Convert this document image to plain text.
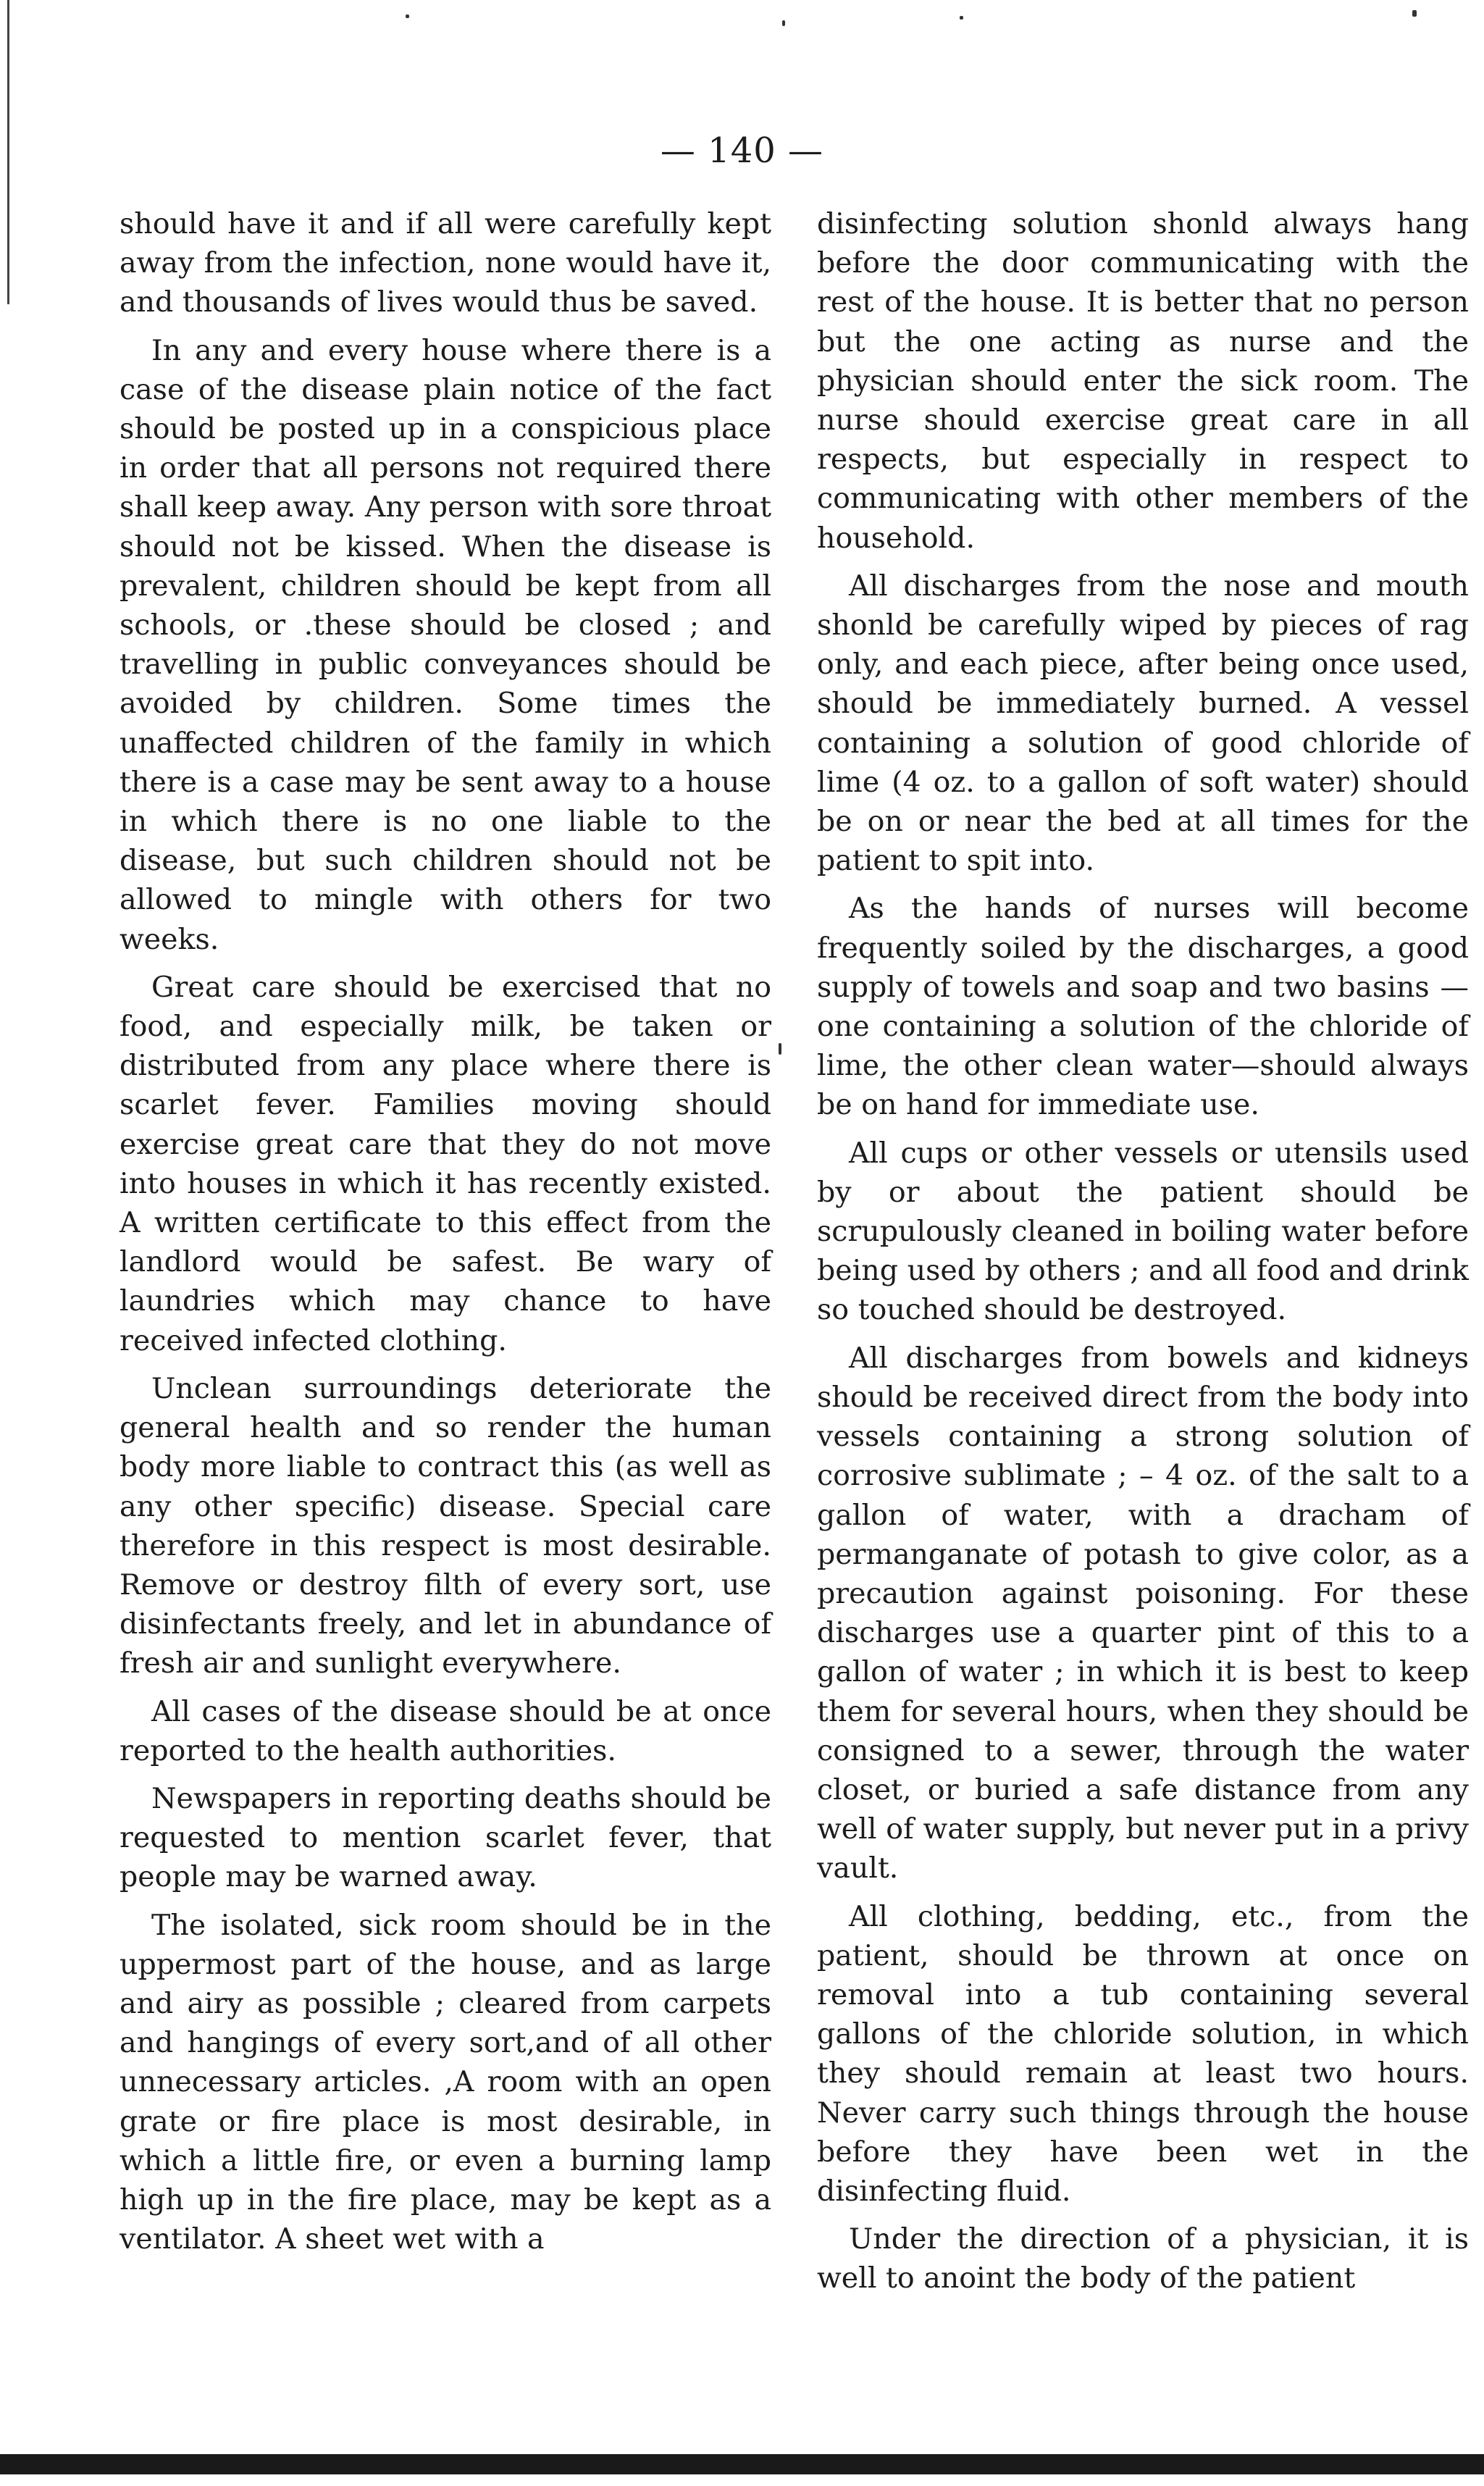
— 140 —

should have it and if all were carefully kept away from the infection, none would have it, and thousands of lives would thus be saved.

In any and every house where there is a case of the disease plain notice of the fact should be posted up in a conspicious place in order that all persons not required there shall keep away. Any person with sore throat should not be kissed. When the disease is prevalent, children should be kept from all schools, or .these should be closed ; and travelling in public conveyances should be avoided by children. Some times the unaffected children of the family in which there is a case may be sent away to a house in which there is no one liable to the disease, but such children should not be allowed to mingle with others for two weeks.

Great care should be exercised that no food, and especially milk, be taken or distributed from any place where there is scarlet fever. Families moving should exercise great care that they do not move into houses in which it has recently existed. A written certificate to this effect from the landlord would be safest. Be wary of laundries which may chance to have received infected clothing.

Unclean surroundings deteriorate the general health and so render the human body more liable to contract this (as well as any other specific) disease. Special care therefore in this respect is most desirable. Remove or destroy filth of every sort, use disinfectants freely, and let in abundance of fresh air and sunlight everywhere.

All cases of the disease should be at once reported to the health authorities.

Newspapers in reporting deaths should be requested to mention scarlet fever, that people may be warned away.

The isolated, sick room should be in the uppermost part of the house, and as large and airy as possible ; cleared from carpets and hangings of every sort,and of all other unnecessary articles. ,A room with an open grate or fire place is most desirable, in which a little fire, or even a burning lamp high up in the fire place, may be kept as a ventilator. A sheet wet with a

disinfecting solution shonld always hang before the door communicating with the rest of the house. It is better that no person but the one acting as nurse and the physician should enter the sick room. The nurse should exercise great care in all respects, but especially in respect to communicating with other members of the household.

All discharges from the nose and mouth shonld be carefully wiped by pieces of rag only, and each piece, after being once used, should be immediately burned. A vessel containing a solution of good chloride of lime (4 oz. to a gallon of soft water) should be on or near the bed at all times for the patient to spit into.

As the hands of nurses will become frequently soiled by the discharges, a good supply of towels and soap and two basins —one containing a solution of the chloride of lime, the other clean water—should always be on hand for immediate use.

All cups or other vessels or utensils used by or about the patient should be scrupulously cleaned in boiling water before being used by others ; and all food and drink so touched should be destroyed.

All discharges from bowels and kidneys should be received direct from the body into vessels containing a strong solution of corrosive sublimate ; – 4 oz. of the salt to a gallon of water, with a dracham of permanganate of potash to give color, as a precaution against poisoning. For these discharges use a quarter pint of this to a gallon of water ; in which it is best to keep them for several hours, when they should be consigned to a sewer, through the water closet, or buried a safe distance from any well of water supply, but never put in a privy vault.

All clothing, bedding, etc., from the patient, should be thrown at once on removal into a tub containing several gallons of the chloride solution, in which they should remain at least two hours. Never carry such things through the house before they have been wet in the disinfecting fluid.

Under the direction of a physician, it is well to anoint the body of the patient
